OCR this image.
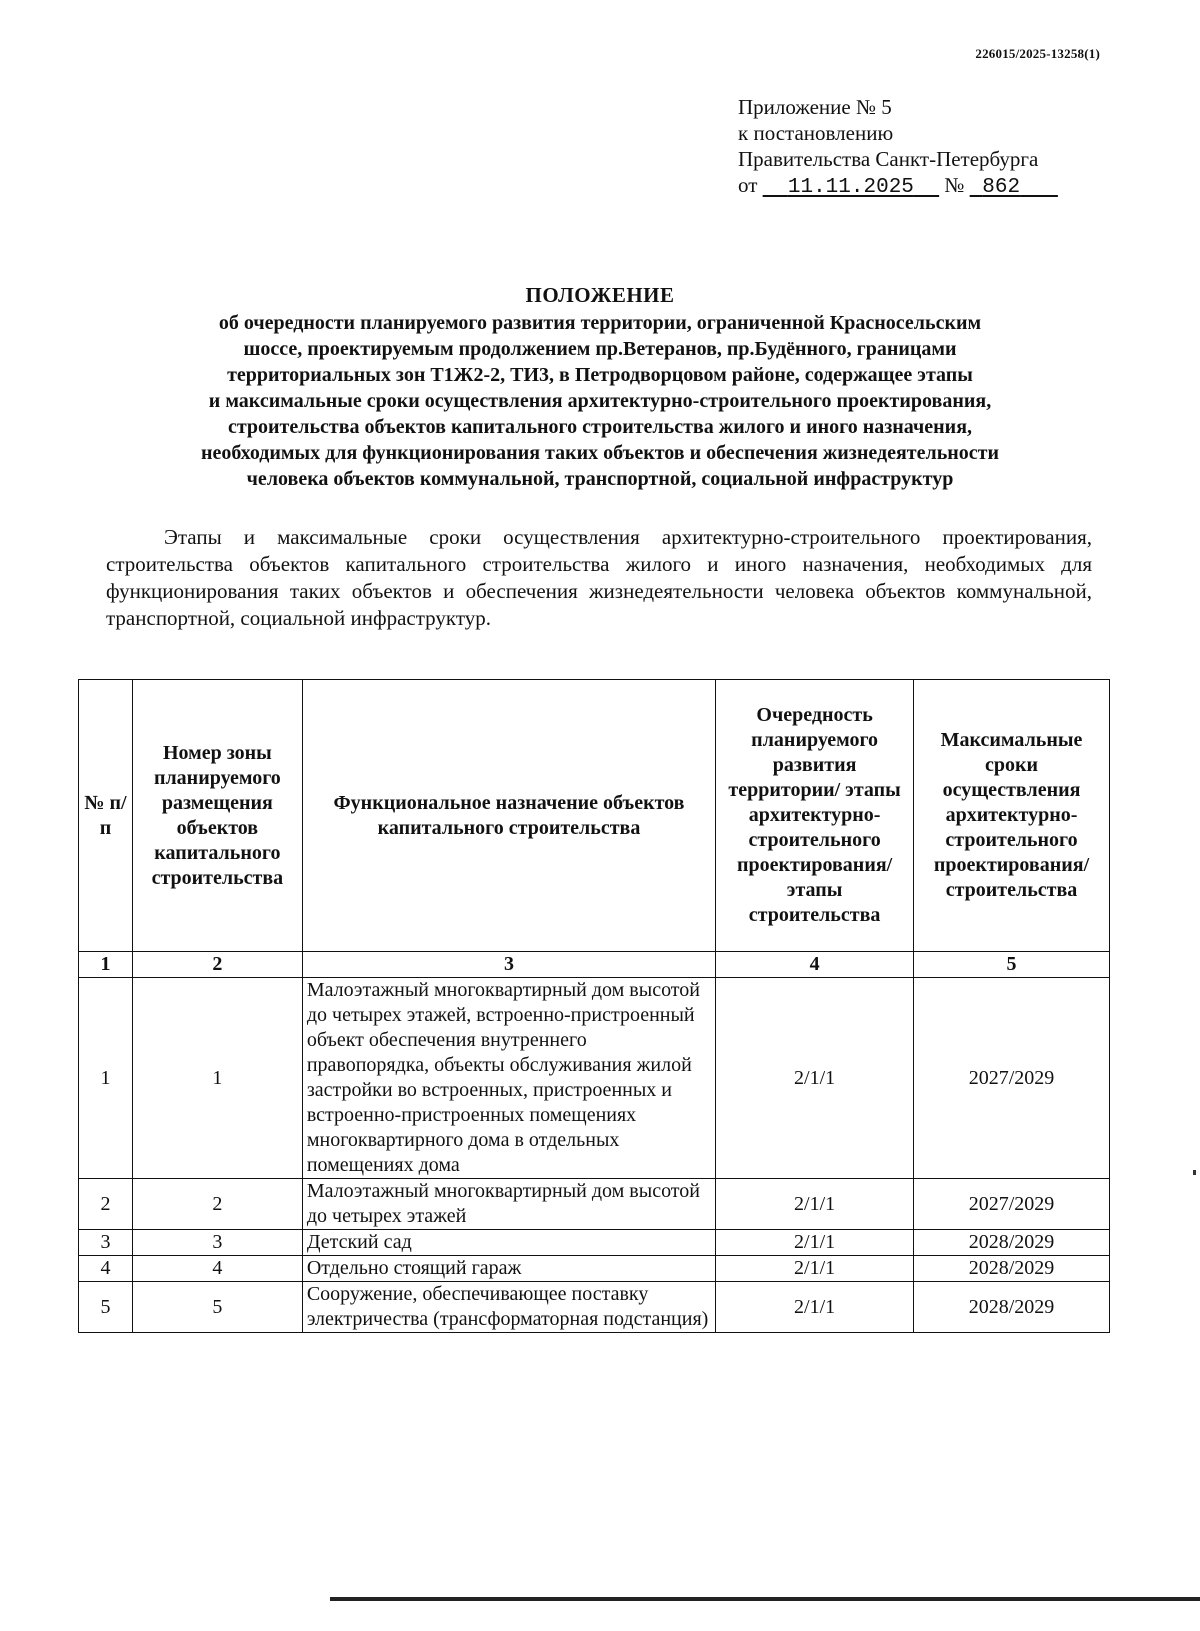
226015/2025-13258(1)
Приложение № 5
к постановлению
Правительства Санкт-Петербурга
от 11.11.2025 № 862
ПОЛОЖЕНИЕ
об очередности планируемого развития территории, ограниченной Красносельским
шоссе, проектируемым продолжением пр.Ветеранов, пр.Будённого, границами
территориальных зон Т1Ж2-2, ТИ3, в Петродворцовом районе, содержащее этапы
и максимальные сроки осуществления архитектурно-строительного проектирования,
строительства объектов капитального строительства жилого и иного назначения,
необходимых для функционирования таких объектов и обеспечения жизнедеятельности
человека объектов коммунальной, транспортной, социальной инфраструктур
Этапы и максимальные сроки осуществления архитектурно-строительного проектирования, строительства объектов капитального строительства жилого и иного назначения, необходимых для функционирования таких объектов и обеспечения жизнедеятельности человека объектов коммунальной, транспортной, социальной инфраструктур.
№ п/п	Номер зоны планируемого размещения объектов капитального строительства	Функциональное назначение объектов капитального строительства	Очередность планируемого развития территории/ этапы архитектурно-строительного проектирования/ этапы строительства	Максимальные сроки осуществления архитектурно-строительного проектирования/ строительства
1	2	3	4	5
1	1	Малоэтажный многоквартирный дом высотой до четырех этажей, встроенно-пристроенный объект обеспечения внутреннего правопорядка, объекты обслуживания жилой застройки во встроенных, пристроенных и встроенно-пристроенных помещениях многоквартирного дома в отдельных помещениях дома	2/1/1	2027/2029
2	2	Малоэтажный многоквартирный дом высотой до четырех этажей	2/1/1	2027/2029
3	3	Детский сад	2/1/1	2028/2029
4	4	Отдельно стоящий гараж	2/1/1	2028/2029
5	5	Сооружение, обеспечивающее поставку электричества (трансформаторная подстанция)	2/1/1	2028/2029
